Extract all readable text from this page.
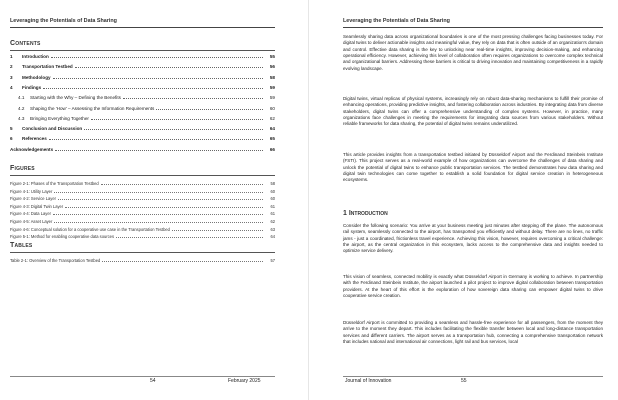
Leveraging the Potentials of Data Sharing
Contents
1	Introduction	55
2	Transportation Testbed	56
3	Methodology	58
4	Findings	59
4.1	Starting with the Why – Defining the Benefits	59
4.2	Shaping the 'How' – Assessing the Information Requirements	60
4.3	Bringing Everything Together	62
5	Conclusion and Discussion	64
6	References	65
Acknowledgements	66
Figures
Figure 2-1: Phases of the Transportation Testbed	58
Figure 4-1: Utility Layer	60
Figure 4-2: Service Layer	60
Figure 4-3: Digital Twin Layer	61
Figure 4-4: Data Layer	61
Figure 4-5: Asset Layer	62
Figure 4-6: Conceptual solution for a cooperative use case in the Transportation Testbed	63
Figure 5-1: Method for enabling cooperative data sources	64
Tables
Table 2-1: Overview of the Transportation Testbed	57
54	February 2025
Leveraging the Potentials of Data Sharing
Seamlessly sharing data across organizational boundaries is one of the most pressing challenges facing businesses today. For digital twins to deliver actionable insights and meaningful value, they rely on data that is often outside of an organization's domain and control. Effective data sharing is the key to unlocking near real-time insights, improving decision-making, and enhancing operational efficiency. However, achieving this level of collaboration often requires organizations to overcome complex technical and organizational barriers. Addressing these barriers is critical to driving innovation and maintaining competitiveness in a rapidly evolving landscape.
Digital twins, virtual replicas of physical systems, increasingly rely on robust data-sharing mechanisms to fulfill their promise of enhancing operations, providing predictive insights, and fostering collaboration across industries. By integrating data from diverse stakeholders, digital twins can offer a comprehensive understanding of complex systems. However, in practice, many organizations face challenges in meeting the requirements for integrating data sources from various stakeholders. Without reliable frameworks for data sharing, the potential of digital twins remains underutilized.
This article provides insights from a transportation testbed initiated by Düsseldorf Airport and the Ferdinand Steinbeis Institute (FSTI). This project serves as a real-world example of how organizations can overcome the challenges of data sharing and unlock the potential of digital twins to enhance public transportation services. The testbed demonstrates how data sharing and digital twin technologies can come together to establish a solid foundation for digital service creation in heterogeneous ecosystems.
1 Introduction
Consider the following scenario: You arrive at your business meeting just minutes after stepping off the plane. The autonomous rail system, seamlessly connected to the airport, has transported you efficiently and without delay. There are no lines, no traffic jams - just a coordinated, frictionless travel experience. Achieving this vision, however, requires overcoming a critical challenge: the airport, as the central organization in this ecosystem, lacks access to the comprehensive data and insights needed to optimize service delivery.
This vision of seamless, connected mobility is exactly what Düsseldorf Airport in Germany is working to achieve. In partnership with the Ferdinand Steinbeis Institute, the airport launched a pilot project to improve digital collaboration between transportation providers. At the heart of this effort is the exploration of how sovereign data sharing can empower digital twins to drive cooperative service creation.
Düsseldorf Airport is committed to providing a seamless and hassle-free experience for all passengers, from the moment they arrive to the moment they depart. This includes facilitating the flexible transfer between local and long-distance transportation services and different carriers. The airport serves as a transportation hub, connecting a comprehensive transportation network that includes national and international air connections, light rail and bus services, local
Journal of Innovation	55
